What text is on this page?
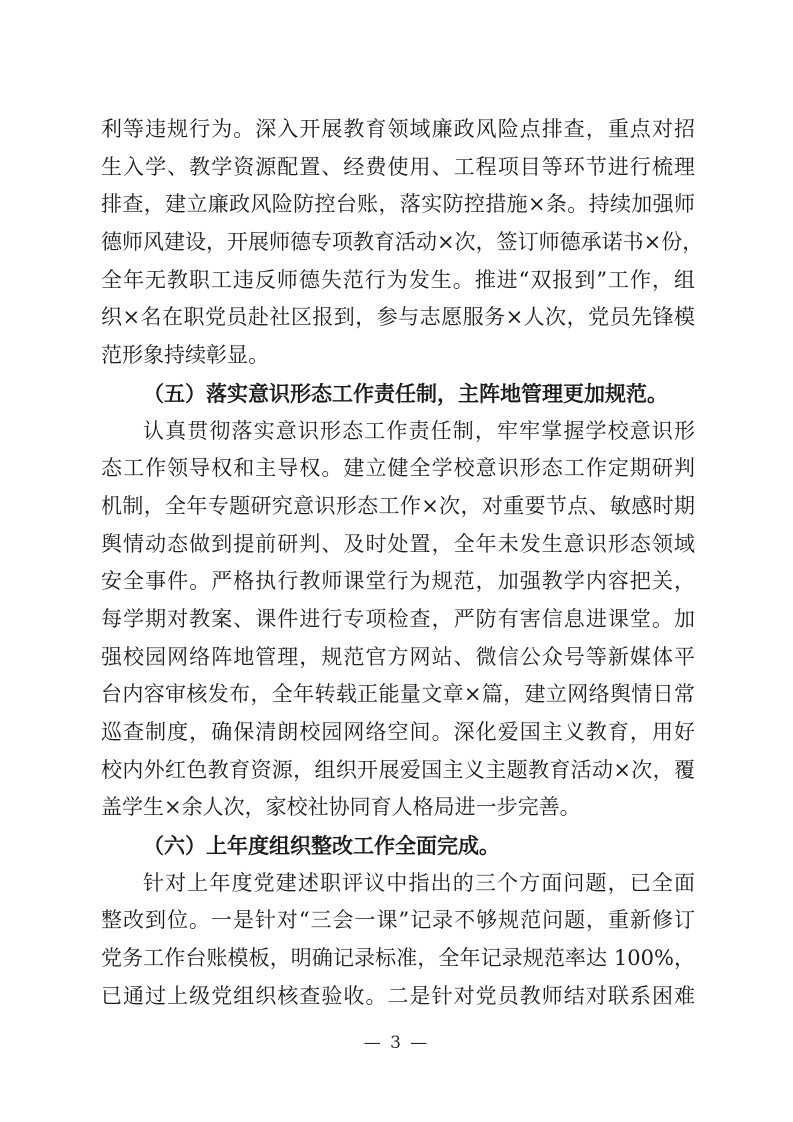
利等违规行为。深入开展教育领域廉政风险点排查，重点对招
生入学、教学资源配置、经费使用、工程项目等环节进行梳理
排查，建立廉政风险防控台账，落实防控措施×条。持续加强师
德师风建设，开展师德专项教育活动×次，签订师德承诺书×份，
全年无教职工违反师德失范行为发生。推进“双报到”工作，组
织×名在职党员赴社区报到，参与志愿服务×人次，党员先锋模
范形象持续彰显。
（五）落实意识形态工作责任制，主阵地管理更加规范。
认真贯彻落实意识形态工作责任制，牢牢掌握学校意识形
态工作领导权和主导权。建立健全学校意识形态工作定期研判
机制，全年专题研究意识形态工作×次，对重要节点、敏感时期
舆情动态做到提前研判、及时处置，全年未发生意识形态领域
安全事件。严格执行教师课堂行为规范，加强教学内容把关，
每学期对教案、课件进行专项检查，严防有害信息进课堂。加
强校园网络阵地管理，规范官方网站、微信公众号等新媒体平
台内容审核发布，全年转载正能量文章×篇，建立网络舆情日常
巡查制度，确保清朗校园网络空间。深化爱国主义教育，用好
校内外红色教育资源，组织开展爱国主义主题教育活动×次，覆
盖学生×余人次，家校社协同育人格局进一步完善。
（六）上年度组织整改工作全面完成。
针对上年度党建述职评议中指出的三个方面问题，已全面
整改到位。一是针对“三会一课”记录不够规范问题，重新修订
党务工作台账模板，明确记录标准，全年记录规范率达 100%，
已通过上级党组织核查验收。二是针对党员教师结对联系困难
— 3 —
